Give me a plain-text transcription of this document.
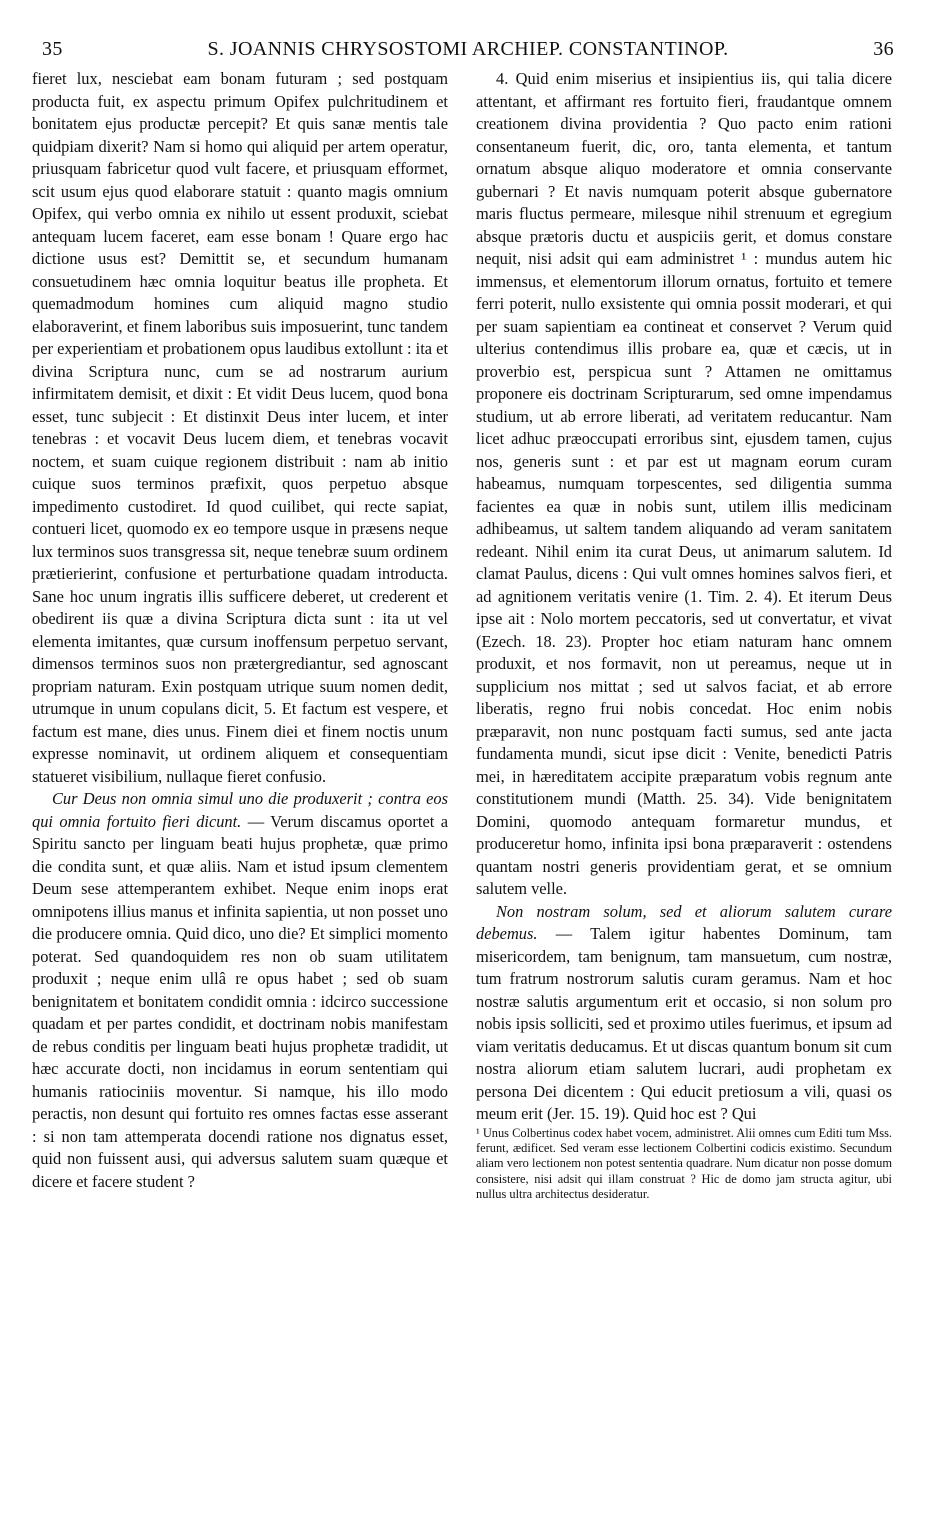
35	S. JOANNIS CHRYSOSTOMI ARCHIEP. CONSTANTINOP.	36

fieret lux, nesciebat eam bonam futuram ; sed postquam producta fuit, ex aspectu primum Opifex pulchritudinem et bonitatem ejus productæ percepit? Et quis sanæ mentis tale quidpiam dixerit? Nam si homo qui aliquid per artem operatur, priusquam fabricetur quod vult facere, et priusquam efformet, scit usum ejus quod elaborare statuit : quanto magis omnium Opifex, qui verbo omnia ex nihilo ut essent produxit, sciebat antequam lucem faceret, eam esse bonam ! Quare ergo hac dictione usus est? Demittit se, et secundum humanam consuetudinem hæc omnia loquitur beatus ille propheta. Et quemadmodum homines cum aliquid magno studio elaboraverint, et finem laboribus suis imposuerint, tunc tandem per experientiam et probationem opus laudibus extollunt : ita et divina Scriptura nunc, cum se ad nostrarum aurium infirmitatem demisit, et dixit : Et vidit Deus lucem, quod bona esset, tunc subjecit : Et distinxit Deus inter lucem, et inter tenebras : et vocavit Deus lucem diem, et tenebras vocavit noctem, et suam cuique regionem distribuit : nam ab initio cuique suos terminos præfixit, quos perpetuo absque impedimento custodiret. Id quod cuilibet, qui recte sapiat, contueri licet, quomodo ex eo tempore usque in præsens neque lux terminos suos transgressa sit, neque tenebræ suum ordinem prætierierint, confusione et perturbatione quadam introducta. Sane hoc unum ingratis illis sufficere deberet, ut crederent et obedirent iis quæ a divina Scriptura dicta sunt : ita ut vel elementa imitantes, quæ cursum inoffensum perpetuo servant, dimensos terminos suos non prætergrediantur, sed agnoscant propriam naturam. Exin postquam utrique suum nomen dedit, utrumque in unum copulans dicit, 5. Et factum est vespere, et factum est mane, dies unus. Finem diei et finem noctis unum expresse nominavit, ut ordinem aliquem et consequentiam statueret visibilium, nullaque fieret confusio.

Cur Deus non omnia simul uno die produxerit ; contra eos qui omnia fortuito fieri dicunt. — Verum discamus oportet a Spiritu sancto per linguam beati hujus prophetæ, quæ primo die condita sunt, et quæ aliis. Nam et istud ipsum clementem Deum sese attemperantem exhibet. Neque enim inops erat omnipotens illius manus et infinita sapientia, ut non posset uno die producere omnia. Quid dico, uno die? Et simplici momento poterat. Sed quandoquidem res non ob suam utilitatem produxit ; neque enim ullâ re opus habet ; sed ob suam benignitatem et bonitatem condidit omnia : idcirco successione quadam et per partes condidit, et doctrinam nobis manifestam de rebus conditis per linguam beati hujus prophetæ tradidit, ut hæc accurate docti, non incidamus in eorum sententiam qui humanis ratiociniis moventur. Si namque, his illo modo peractis, non desunt qui fortuito res omnes factas esse asserant : si non tam attemperata docendi ratione nos dignatus esset, quid non fuissent ausi, qui adversus salutem suam quæque et dicere et facere student ?

4. Quid enim miserius et insipientius iis, qui talia dicere attentant, et affirmant res fortuito fieri, fraudantque omnem creationem divina providentia ? Quo pacto enim rationi consentaneum fuerit, dic, oro, tanta elementa, et tantum ornatum absque aliquo moderatore et omnia conservante gubernari ? Et navis numquam poterit absque gubernatore maris fluctus permeare, milesque nihil strenuum et egregium absque prætoris ductu et auspiciis gerit, et domus constare nequit, nisi adsit qui eam administret ¹ : mundus autem hic immensus, et elementorum illorum ornatus, fortuito et temere ferri poterit, nullo exsistente qui omnia possit moderari, et qui per suam sapientiam ea contineat et conservet ? Verum quid ulterius contendimus illis probare ea, quæ et cæcis, ut in proverbio est, perspicua sunt ? Attamen ne omittamus proponere eis doctrinam Scripturarum, sed omne impendamus studium, ut ab errore liberati, ad veritatem reducantur. Nam licet adhuc præoccupati erroribus sint, ejusdem tamen, cujus nos, generis sunt : et par est ut magnam eorum curam habeamus, numquam torpescentes, sed diligentia summa facientes ea quæ in nobis sunt, utilem illis medicinam adhibeamus, ut saltem tandem aliquando ad veram sanitatem redeant. Nihil enim ita curat Deus, ut animarum salutem. Id clamat Paulus, dicens : Qui vult omnes homines salvos fieri, et ad agnitionem veritatis venire (1. Tim. 2. 4). Et iterum Deus ipse ait : Nolo mortem peccatoris, sed ut convertatur, et vivat (Ezech. 18. 23). Propter hoc etiam naturam hanc omnem produxit, et nos formavit, non ut pereamus, neque ut in supplicium nos mittat ; sed ut salvos faciat, et ab errore liberatis, regno frui nobis concedat. Hoc enim nobis præparavit, non nunc postquam facti sumus, sed ante jacta fundamenta mundi, sicut ipse dicit : Venite, benedicti Patris mei, in hæreditatem accipite præparatum vobis regnum ante constitutionem mundi (Matth. 25. 34). Vide benignitatem Domini, quomodo antequam formaretur mundus, et produceretur homo, infinita ipsi bona præparaverit : ostendens quantam nostri generis providentiam gerat, et se omnium salutem velle.

Non nostram solum, sed et aliorum salutem curare debemus. — Talem igitur habentes Dominum, tam misericordem, tam benignum, tam mansuetum, cum nostræ, tum fratrum nostrorum salutis curam geramus. Nam et hoc nostræ salutis argumentum erit et occasio, si non solum pro nobis ipsis solliciti, sed et proximo utiles fuerimus, et ipsum ad viam veritatis deducamus. Et ut discas quantum bonum sit cum nostra aliorum etiam salutem lucrari, audi prophetam ex persona Dei dicentem : Qui educit pretiosum a vili, quasi os meum erit (Jer. 15. 19). Quid hoc est ? Qui

¹ Unus Colbertinus codex habet vocem, administret. Alii omnes cum Editi tum Mss. ferunt, ædificet. Sed veram esse lectionem Colbertini codicis existimo. Secundum aliam vero lectionem non potest sententia quadrare. Num dicatur non posse domum consistere, nisi adsit qui illam construat ? Hic de domo jam structa agitur, ubi nullus ultra architectus desideratur.
